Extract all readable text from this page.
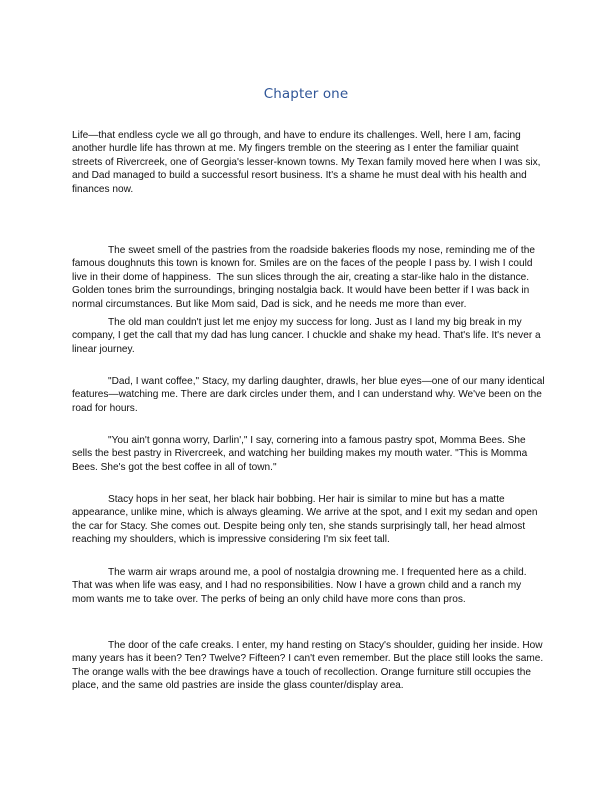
Chapter one

Life—that endless cycle we all go through, and have to endure its challenges. Well, here I am, facing another hurdle life has thrown at me. My fingers tremble on the steering as I enter the familiar quaint streets of Rivercreek, one of Georgia's lesser-known towns. My Texan family moved here when I was six, and Dad managed to build a successful resort business. It's a shame he must deal with his health and finances now.

The sweet smell of the pastries from the roadside bakeries floods my nose, reminding me of the famous doughnuts this town is known for. Smiles are on the faces of the people I pass by. I wish I could live in their dome of happiness.  The sun slices through the air, creating a star-like halo in the distance. Golden tones brim the surroundings, bringing nostalgia back. It would have been better if I was back in normal circumstances. But like Mom said, Dad is sick, and he needs me more than ever.

The old man couldn't just let me enjoy my success for long. Just as I land my big break in my company, I get the call that my dad has lung cancer. I chuckle and shake my head. That's life. It's never a linear journey.

"Dad, I want coffee," Stacy, my darling daughter, drawls, her blue eyes—one of our many identical features—watching me. There are dark circles under them, and I can understand why. We've been on the road for hours.

"You ain't gonna worry, Darlin'," I say, cornering into a famous pastry spot, Momma Bees. She sells the best pastry in Rivercreek, and watching her building makes my mouth water. "This is Momma Bees. She's got the best coffee in all of town."

Stacy hops in her seat, her black hair bobbing. Her hair is similar to mine but has a matte appearance, unlike mine, which is always gleaming. We arrive at the spot, and I exit my sedan and open the car for Stacy. She comes out. Despite being only ten, she stands surprisingly tall, her head almost reaching my shoulders, which is impressive considering I'm six feet tall.

The warm air wraps around me, a pool of nostalgia drowning me. I frequented here as a child. That was when life was easy, and I had no responsibilities. Now I have a grown child and a ranch my mom wants me to take over. The perks of being an only child have more cons than pros.

The door of the cafe creaks. I enter, my hand resting on Stacy's shoulder, guiding her inside. How many years has it been? Ten? Twelve? Fifteen? I can't even remember. But the place still looks the same. The orange walls with the bee drawings have a touch of recollection. Orange furniture still occupies the place, and the same old pastries are inside the glass counter/display area.
